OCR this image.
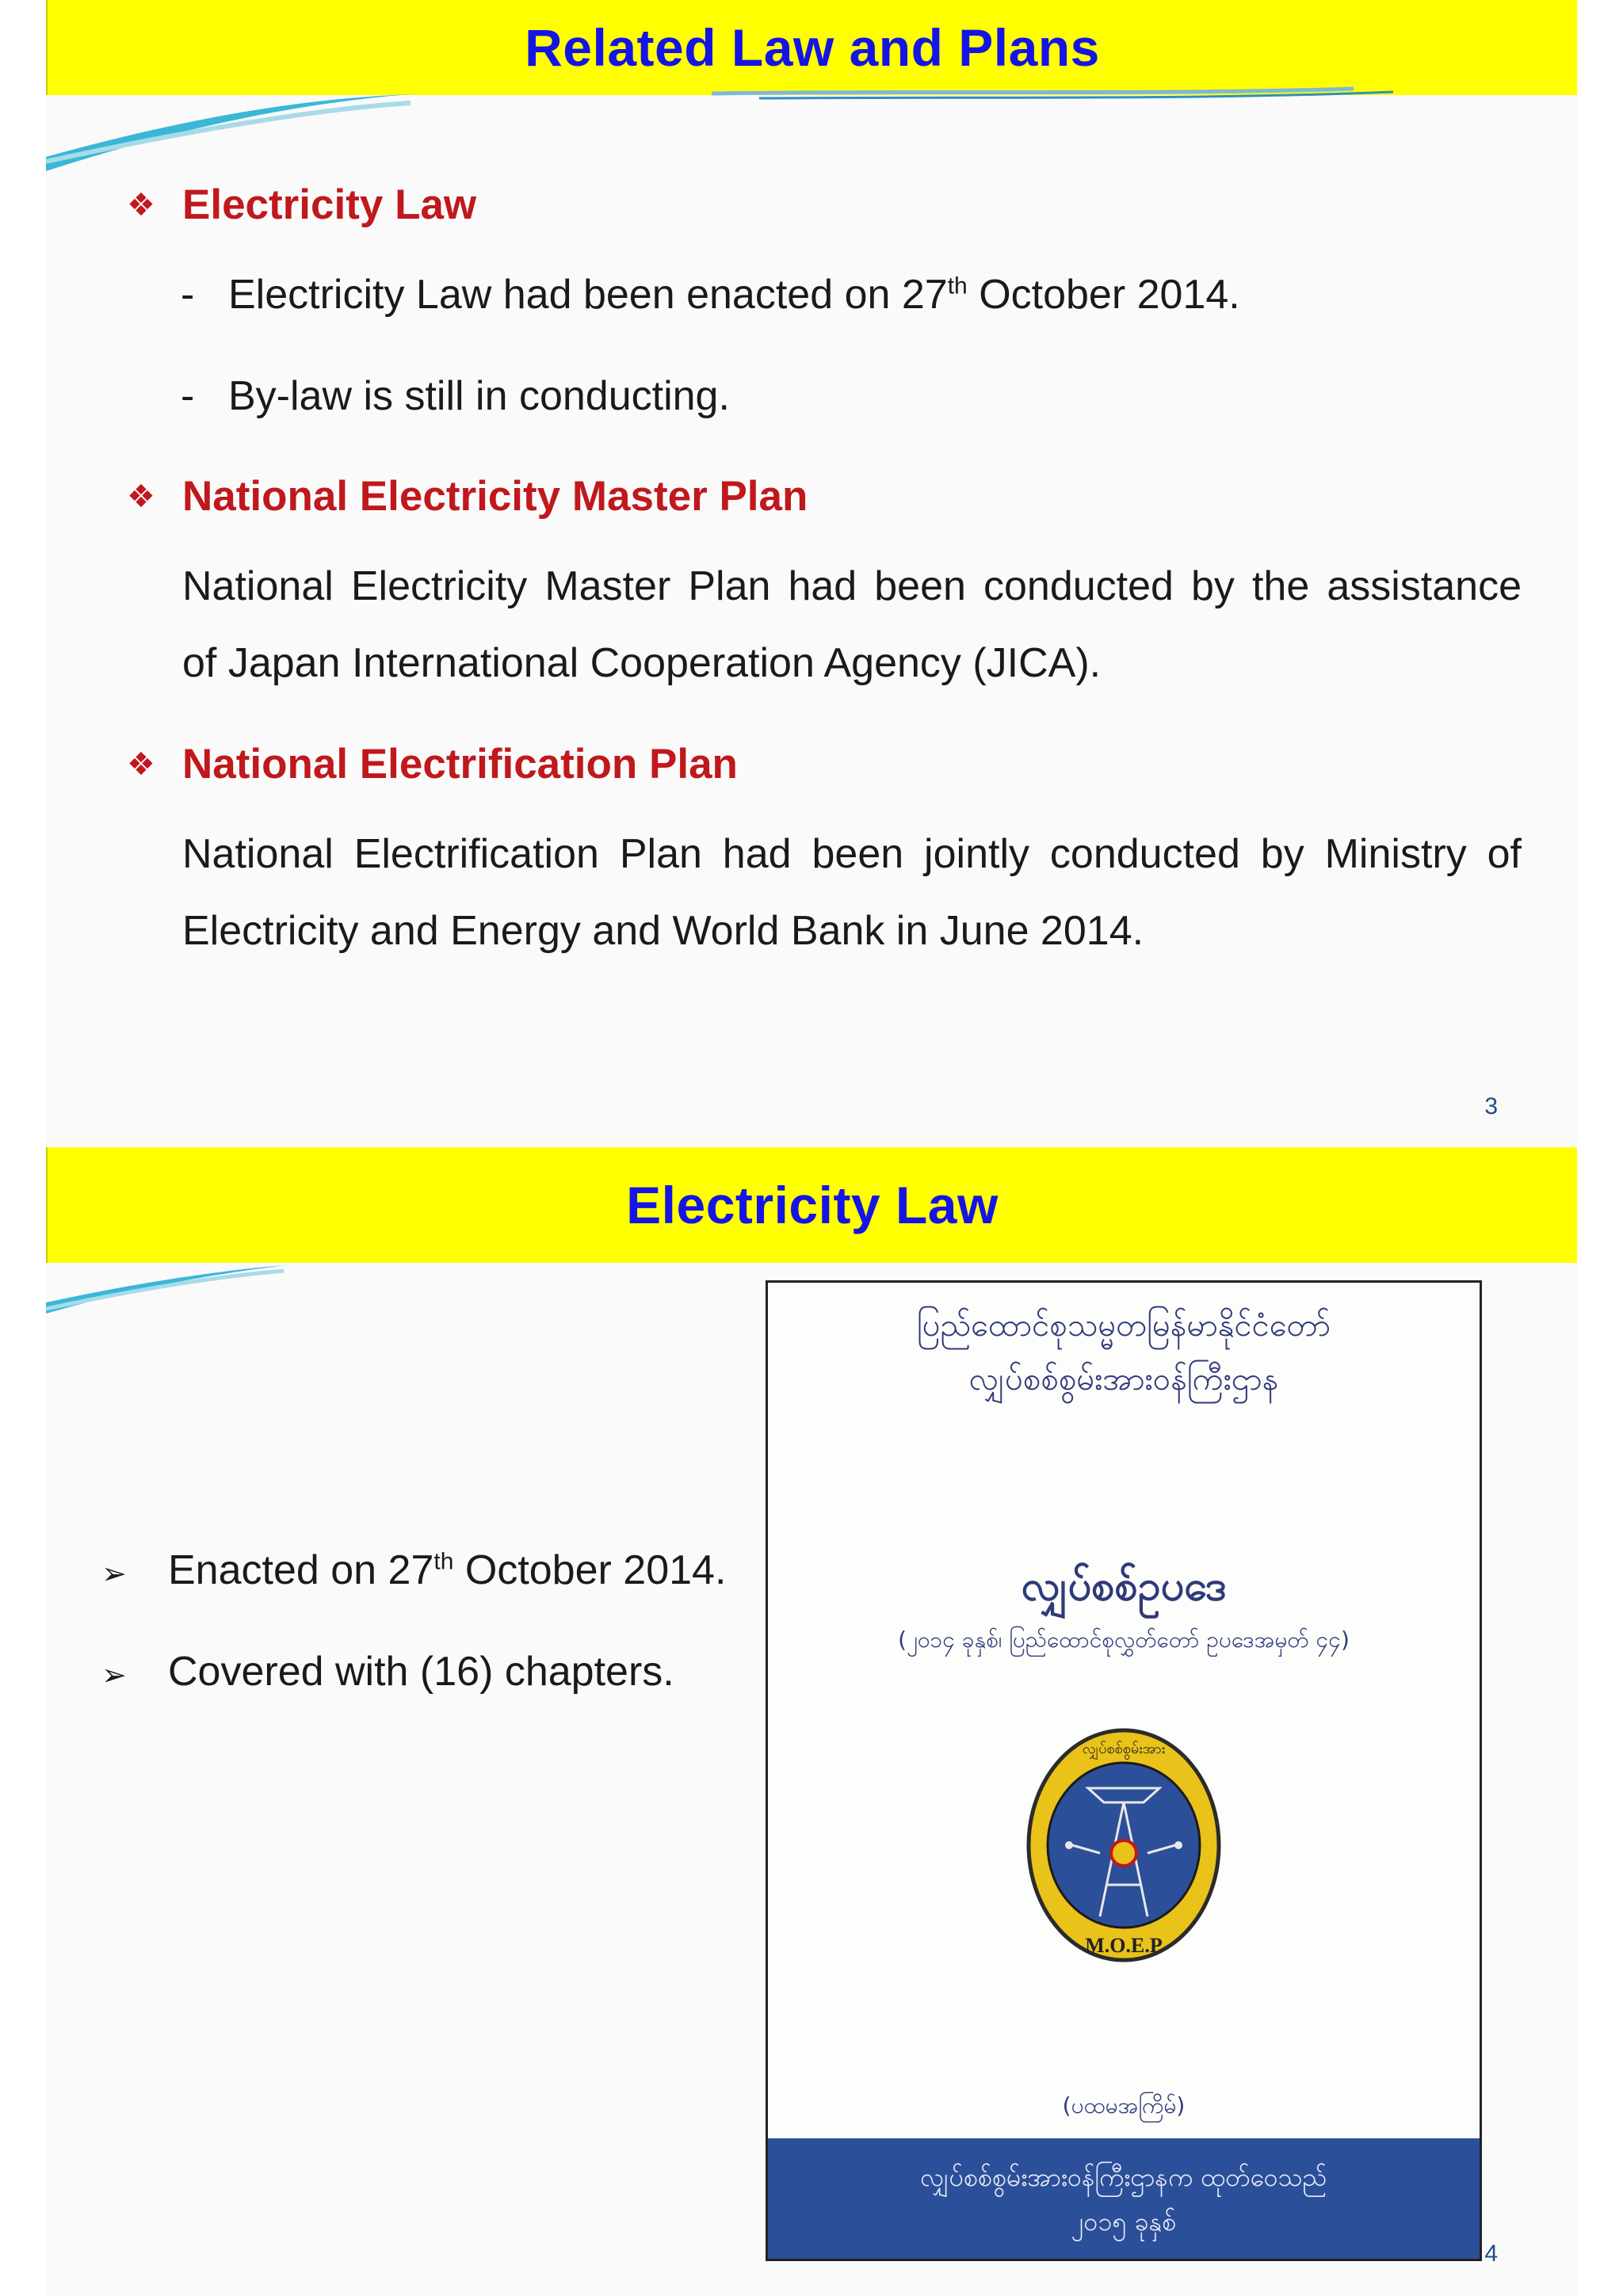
Related Law and Plans
❖ Electricity Law
- Electricity Law had been enacted on 27th October 2014.
- By-law is still in conducting.
❖ National Electricity Master Plan
National Electricity Master Plan had been conducted by the assistance
of Japan International Cooperation Agency (JICA).
❖ National Electrification Plan
National Electrification Plan had been jointly conducted by Ministry of
Electricity and Energy and World Bank in June 2014.
3
Electricity Law
➢	Enacted on 27th October 2014.
➢	Covered with (16) chapters.
ပြည်ထောင်စုသမ္မတမြန်မာနိုင်ငံတော်
လျှပ်စစ်စွမ်းအားဝန်ကြီးဌာန
လျှပ်စစ်ဥပဒေ
(၂၀၁၄ ခုနှစ်၊ ပြည်ထောင်စုလွှတ်တော် ဥပဒေအမှတ် ၄၄)
လျှပ်စစ်စွမ်းအား
M.O.E.P
(ပထမအကြိမ်)
လျှပ်စစ်စွမ်းအားဝန်ကြီးဌာနက ထုတ်ဝေသည်
၂၀၁၅ ခုနှစ်
4
